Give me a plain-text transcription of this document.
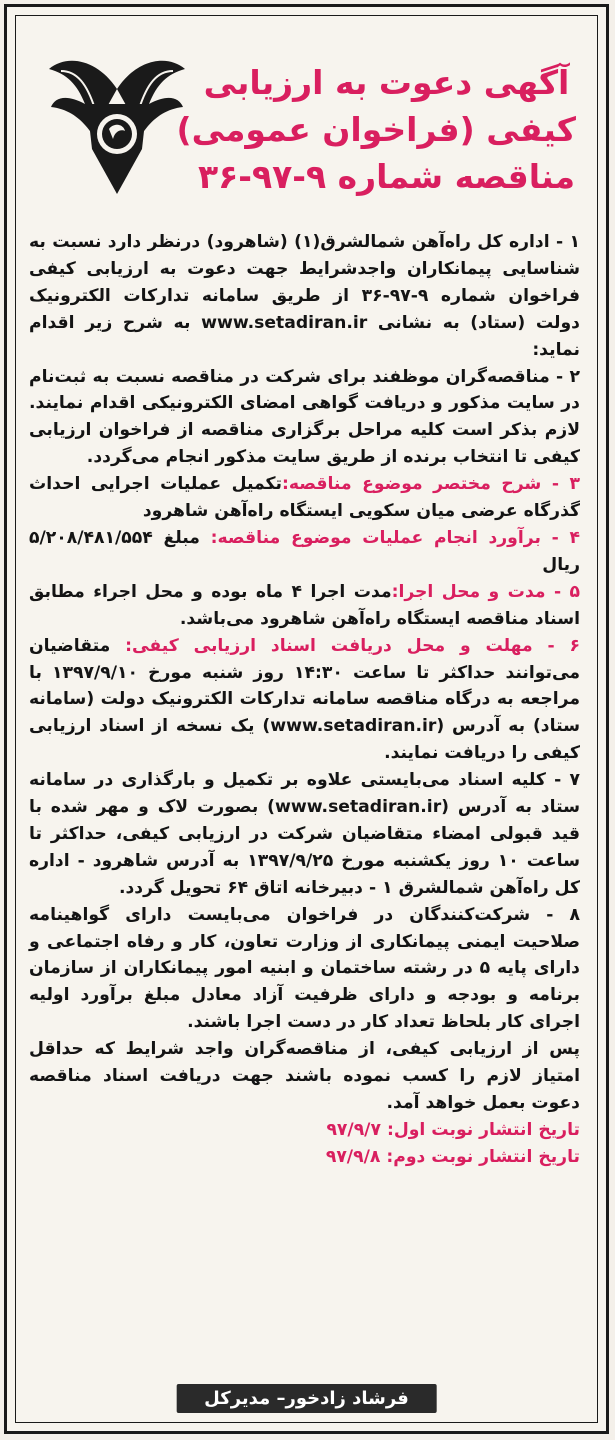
آگهی دعوت به ارزیابی
کیفی (فراخوان عمومی)
مناقصه شماره ۹-۹۷-۳۶

۱ - اداره کل راه‌آهن شمالشرق(۱) (شاهرود) درنظر دارد نسبت به شناسایی پیمانکاران واجدشرایط جهت دعوت به ارزیابی کیفی فراخوان شماره ۹-۹۷-۳۶ از طریق سامانه تدارکات الکترونیک دولت (ستاد) به نشانی www.setadiran.ir به شرح زیر اقدام نماید:

۲ - مناقصه‌گران موظفند برای شرکت در مناقصه نسبت به ثبت‌نام در سایت مذکور و دریافت گواهی امضای الکترونیکی اقدام نمایند. لازم بذکر است کلیه مراحل برگزاری مناقصه از فراخوان ارزیابی کیفی تا انتخاب برنده از طریق سایت مذکور انجام می‌گردد.

۳ - شرح مختصر موضوع مناقصه:تکمیل عملیات اجرایی احداث گذرگاه عرضی میان سکویی ایستگاه راه‌آهن شاهرود

۴ - برآورد انجام عملیات موضوع مناقصه: مبلغ ۵/۲۰۸/۴۸۱/۵۵۴ ریال

۵ - مدت و محل اجرا:مدت اجرا ۴ ماه بوده و محل اجراء مطابق اسناد مناقصه ایستگاه راه‌آهن شاهرود می‌باشد.

۶ - مهلت و محل دریافت اسناد ارزیابی کیفی: متقاضیان می‌توانند حداکثر تا ساعت ۱۴:۳۰ روز شنبه مورخ ۱۳۹۷/۹/۱۰ با مراجعه به درگاه مناقصه سامانه تدارکات الکترونیک دولت (سامانه ستاد) به آدرس (www.setadiran.ir) یک نسخه از اسناد ارزیابی کیفی را دریافت نمایند.

۷ - کلیه اسناد می‌بایستی علاوه بر تکمیل و بارگذاری در سامانه ستاد به آدرس (www.setadiran.ir) بصورت لاک و مهر شده با قید قبولی امضاء متقاضیان شرکت در ارزیابی کیفی، حداکثر تا ساعت ۱۰ روز یکشنبه مورخ ۱۳۹۷/۹/۲۵ به آدرس شاهرود - اداره کل راه‌آهن شمالشرق ۱ - دبیرخانه اتاق ۶۴ تحویل گردد.

۸ - شرکت‌کنندگان در فراخوان می‌بایست دارای گواهینامه صلاحیت ایمنی پیمانکاری از وزارت تعاون، کار و رفاه اجتماعی و دارای پایه ۵ در رشته ساختمان و ابنیه امور پیمانکاران از سازمان برنامه و بودجه و دارای ظرفیت آزاد معادل مبلغ برآورد اولیه اجرای کار بلحاظ تعداد کار در دست اجرا باشند.

پس از ارزیابی کیفی، از مناقصه‌گران واجد شرایط که حداقل امتیاز لازم را کسب نموده باشند جهت دریافت اسناد مناقصه دعوت بعمل خواهد آمد.

تاریخ انتشار نوبت اول: ۹۷/۹/۷

تاریخ انتشار نوبت دوم: ۹۷/۹/۸

فرشاد زادخور– مدیرکل
